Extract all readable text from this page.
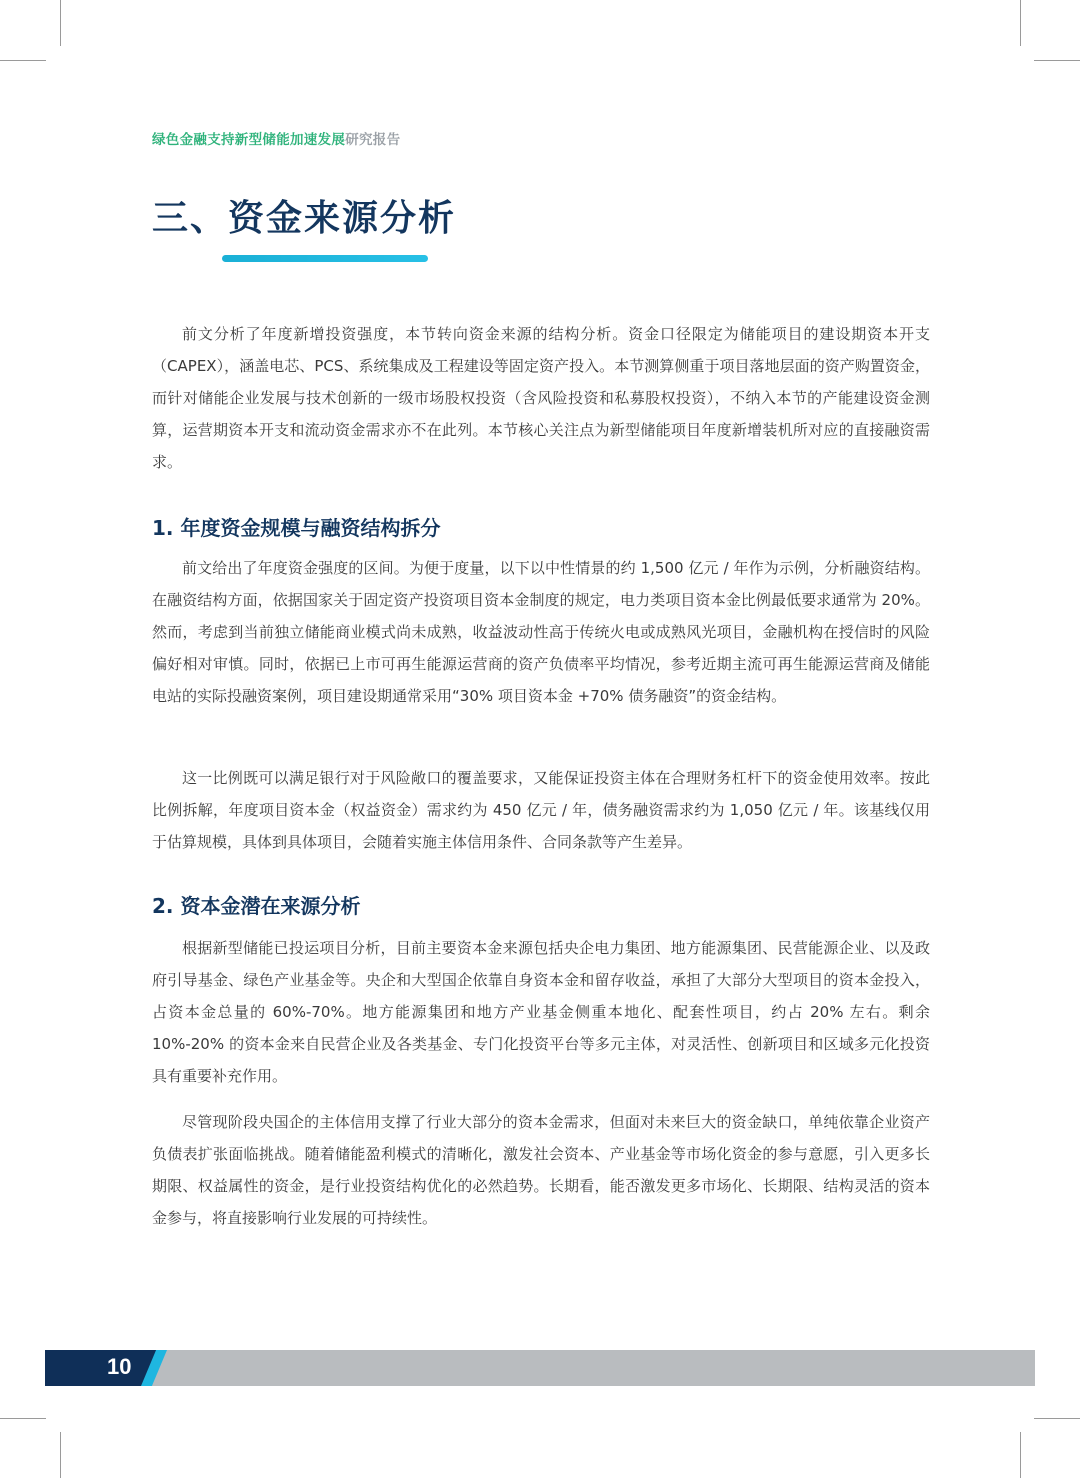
绿色金融支持新型储能加速发展研究报告
三、资金来源分析

前文分析了年度新增投资强度，本节转向资金来源的结构分析。资金口径限定为储能项目的建设期资本开支（CAPEX），涵盖电芯、PCS、系统集成及工程建设等固定资产投入。本节测算侧重于项目落地层面的资产购置资金，而针对储能企业发展与技术创新的一级市场股权投资（含风险投资和私募股权投资），不纳入本节的产能建设资金测算，运营期资本开支和流动资金需求亦不在此列。本节核心关注点为新型储能项目年度新增装机所对应的直接融资需求。

1. 年度资金规模与融资结构拆分

前文给出了年度资金强度的区间。为便于度量，以下以中性情景的约 1,500 亿元 / 年作为示例，分析融资结构。在融资结构方面，依据国家关于固定资产投资项目资本金制度的规定，电力类项目资本金比例最低要求通常为 20%。然而，考虑到当前独立储能商业模式尚未成熟，收益波动性高于传统火电或成熟风光项目，金融机构在授信时的风险偏好相对审慎。同时，依据已上市可再生能源运营商的资产负债率平均情况，参考近期主流可再生能源运营商及储能电站的实际投融资案例，项目建设期通常采用“30% 项目资本金 +70% 债务融资”的资金结构。

这一比例既可以满足银行对于风险敞口的覆盖要求，又能保证投资主体在合理财务杠杆下的资金使用效率。按此比例拆解，年度项目资本金（权益资金）需求约为 450 亿元 / 年，债务融资需求约为 1,050 亿元 / 年。该基线仅用于估算规模，具体到具体项目，会随着实施主体信用条件、合同条款等产生差异。

2. 资本金潜在来源分析

根据新型储能已投运项目分析，目前主要资本金来源包括央企电力集团、地方能源集团、民营能源企业、以及政府引导基金、绿色产业基金等。央企和大型国企依靠自身资本金和留存收益，承担了大部分大型项目的资本金投入，占资本金总量的 60%-70%。地方能源集团和地方产业基金侧重本地化、配套性项目，约占 20% 左右。剩余 10%-20% 的资本金来自民营企业及各类基金、专门化投资平台等多元主体，对灵活性、创新项目和区域多元化投资具有重要补充作用。

尽管现阶段央国企的主体信用支撑了行业大部分的资本金需求，但面对未来巨大的资金缺口，单纯依靠企业资产负债表扩张面临挑战。随着储能盈利模式的清晰化，激发社会资本、产业基金等市场化资金的参与意愿，引入更多长期限、权益属性的资金，是行业投资结构优化的必然趋势。长期看，能否激发更多市场化、长期限、结构灵活的资本金参与，将直接影响行业发展的可持续性。

10
